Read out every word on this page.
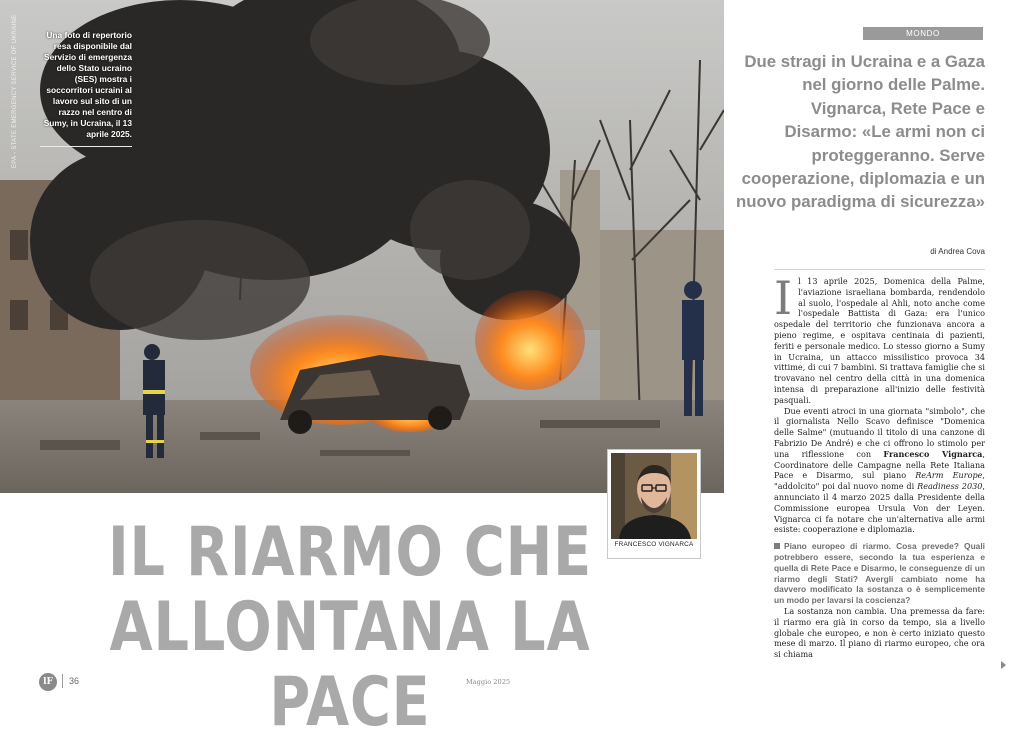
EPA - STATE EMERGENCY SERVICE OF UKRAINE	Una foto di repertorio resa disponibile dal Servizio di emergenza dello Stato ucraino (SES) mostra i soccorritori ucraini al lavoro sul sito di un razzo nel centro di Sumy, in Ucraina, il 13 aprile 2025.
FRANCESCO VIGNARCA
IL RIARMO CHE
ALLONTANA LA PACE
lF	36	Maggio 2025
MONDO
Due stragi in Ucraina e a Gaza nel giorno delle Palme. Vignarca, Rete Pace e Disarmo: «Le armi non ci proteggeranno. Serve cooperazione, diplomazia e un nuovo paradigma di sicurezza»
di Andrea Cova

Il 13 aprile 2025, Domenica della Palme, l'aviazione israeliana bombarda, rendendolo al suolo, l'ospedale al Ahli, noto anche come l'ospedale Battista di Gaza: era l'unico ospedale del territorio che funzionava ancora a pieno regime, e ospitava centinaia di pazienti, feriti e personale medico. Lo stesso giorno a Sumy in Ucraina, un attacco missilistico provoca 34 vittime, di cui 7 bambini. Si trattava famiglie che si trovavano nel centro della città in una domenica intensa di preparazione all'inizio delle festività pasquali.

Due eventi atroci in una giornata "simbolo", che il giornalista Nello Scavo definisce "Domenica delle Salme" (mutuando il titolo di una canzone di Fabrizio De André) e che ci offrono lo stimolo per una riflessione con Francesco Vignarca, Coordinatore delle Campagne nella Rete Italiana Pace e Disarmo, sul piano ReArm Europe, "addolcito" poi dal nuovo nome di Readiness 2030, annunciato il 4 marzo 2025 dalla Presidente della Commissione europea Ursula Von der Leyen. Vignarca ci fa notare che un'alternativa alle armi esiste: cooperazione e diplomazia.

Piano europeo di riarmo. Cosa prevede? Quali potrebbero essere, secondo la tua esperienza e quella di Rete Pace e Disarmo, le conseguenze di un riarmo degli Stati? Avergli cambiato nome ha davvero modificato la sostanza o è semplicemente un modo per lavarsi la coscienza?

La sostanza non cambia. Una premessa da fare: il riarmo era già in corso da tempo, sia a livello globale che europeo, e non è certo iniziato questo mese di marzo. Il piano di riarmo europeo, che ora si chiama
